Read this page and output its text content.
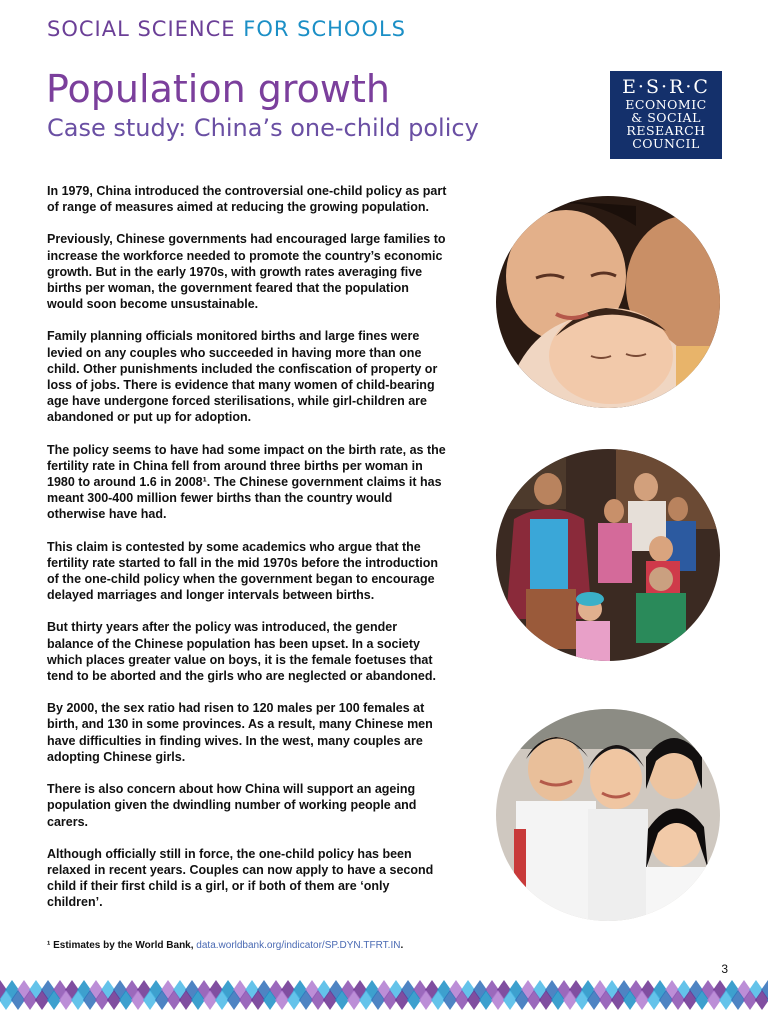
SOCIAL SCIENCE FOR SCHOOLS
Population growth
Case study: China’s one-child policy
E·S·R·C
ECONOMIC
& SOCIAL
RESEARCH
COUNCIL

In 1979, China introduced the controversial one-child policy as part of range of measures aimed at reducing the growing population.

Previously, Chinese governments had encouraged large families to increase the workforce needed to promote the country’s economic growth. But in the early 1970s, with growth rates averaging five births per woman, the government feared that the population would soon become unsustainable.

Family planning officials monitored births and large fines were levied on any couples who succeeded in having more than one child. Other punishments included the confiscation of property or loss of jobs. There is evidence that many women of child-bearing age have undergone forced sterilisations, while girl-children are abandoned or put up for adoption.

The policy seems to have had some impact on the birth rate, as the fertility rate in China fell from around three births per woman in 1980 to around 1.6 in 2008¹. The Chinese government claims it has meant 300-400 million fewer births than the country would otherwise have had.

This claim is contested by some academics who argue that the fertility rate started to fall in the mid 1970s before the introduction of the one-child policy when the government began to encourage delayed marriages and longer intervals between births.

But thirty years after the policy was introduced, the gender balance of the Chinese population has been upset. In a society which places greater value on boys, it is the female foetuses that tend to be aborted and the girls who are neglected or abandoned.

By 2000, the sex ratio had risen to 120 males per 100 females at birth, and 130 in some provinces. As a result, many Chinese men have difficulties in finding wives. In the west, many couples are adopting Chinese girls.

There is also concern about how China will support an ageing population given the dwindling number of working people and carers.

Although officially still in force, the one-child policy has been relaxed in recent years. Couples can now apply to have a second child if their first child is a girl, or if both of them are ‘only children’.

¹ Estimates by the World Bank, data.worldbank.org/indicator/SP.DYN.TFRT.IN.
3
